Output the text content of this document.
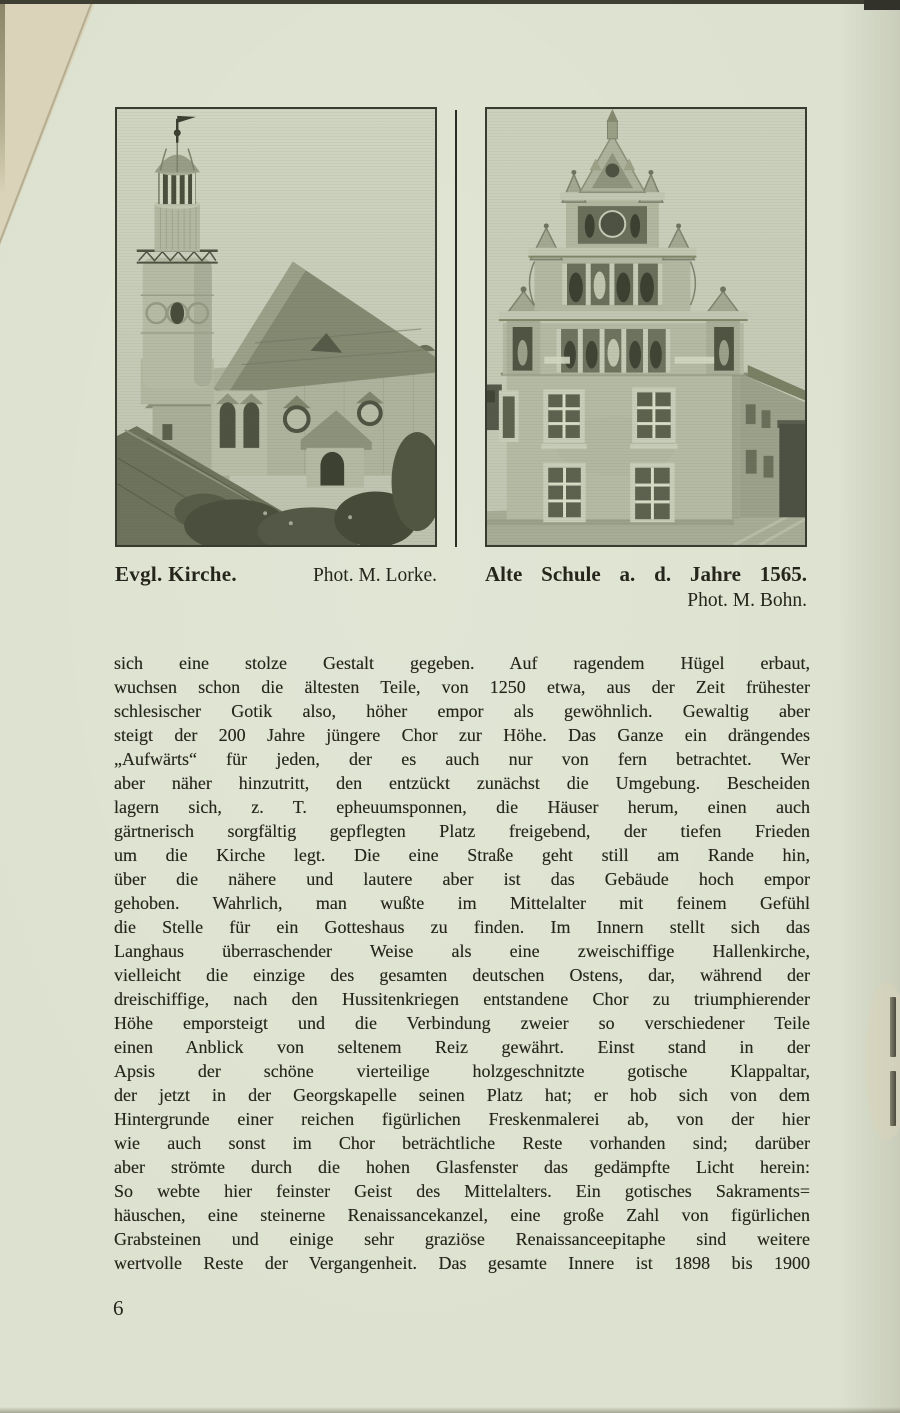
Evgl. Kirche.	Phot. M. Lorke. Alte Schule a. d. Jahre 1565.
Phot. M. Bohn.
sich eine stolze Gestalt gegeben. Auf ragendem Hügel erbaut,
wuchsen schon die ältesten Teile, von 1250 etwa, aus der Zeit frühester
schlesischer Gotik also, höher empor als gewöhnlich. Gewaltig aber
steigt der 200 Jahre jüngere Chor zur Höhe. Das Ganze ein drängendes
„Aufwärts“ für jeden, der es auch nur von fern betrachtet. Wer
aber näher hinzutritt, den entzückt zunächst die Umgebung. Bescheiden
lagern sich, z. T. epheuumsponnen, die Häuser herum, einen auch
gärtnerisch sorgfältig gepflegten Platz freigebend, der tiefen Frieden
um die Kirche legt. Die eine Straße geht still am Rande hin,
über die nähere und lautere aber ist das Gebäude hoch empor
gehoben. Wahrlich, man wußte im Mittelalter mit feinem Gefühl
die Stelle für ein Gotteshaus zu finden. Im Innern stellt sich das
Langhaus überraschender Weise als eine zweischiffige Hallenkirche,
vielleicht die einzige des gesamten deutschen Ostens, dar, während der
dreischiffige, nach den Hussitenkriegen entstandene Chor zu triumphierender
Höhe emporsteigt und die Verbindung zweier so verschiedener Teile
einen Anblick von seltenem Reiz gewährt. Einst stand in der
Apsis der schöne vierteilige holzgeschnitzte gotische Klappaltar,
der jetzt in der Georgskapelle seinen Platz hat; er hob sich von dem
Hintergrunde einer reichen figürlichen Freskenmalerei ab, von der hier
wie auch sonst im Chor beträchtliche Reste vorhanden sind; darüber
aber strömte durch die hohen Glasfenster das gedämpfte Licht herein:
So webte hier feinster Geist des Mittelalters. Ein gotisches Sakraments=
häuschen, eine steinerne Renaissancekanzel, eine große Zahl von figürlichen
Grabsteinen und einige sehr graziöse Renaissanceepitaphe sind weitere
wertvolle Reste der Vergangenheit. Das gesamte Innere ist 1898 bis 1900
6
